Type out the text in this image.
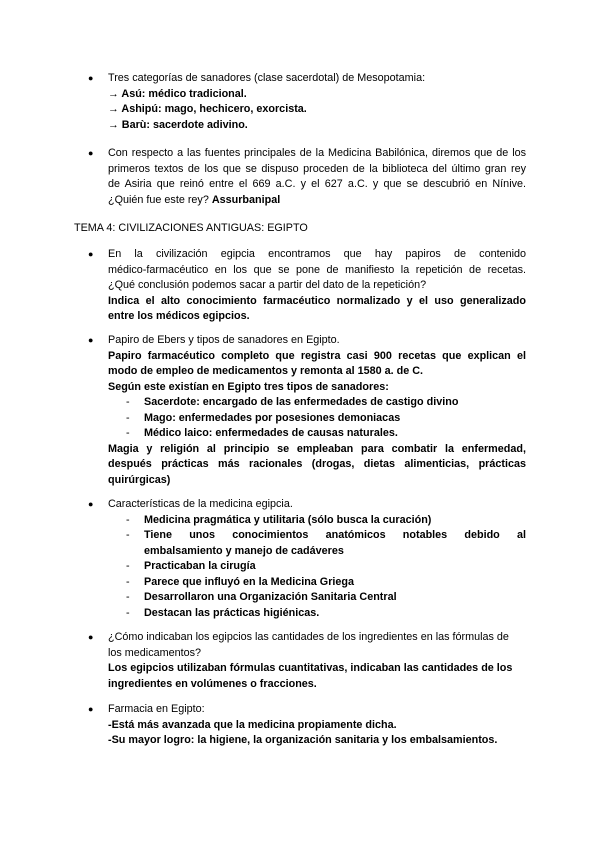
● Tres categorías de sanadores (clase sacerdotal) de Mesopotamia:
→ Asú: médico tradicional.
→ Ashipú: mago, hechicero, exorcista.
→ Barù: sacerdote adivino.
● Con respecto a las fuentes principales de la Medicina Babilónica, diremos que de los
primeros textos de los que se dispuso proceden de la biblioteca del último gran rey
de Asiria que reinó entre el 669 a.C. y el 627 a.C. y que se descubrió en Nínive.
¿Quién fue este rey? Assurbanipal
TEMA 4: CIVILIZACIONES ANTIGUAS: EGIPTO
● En la civilización egipcia encontramos que hay papiros de contenido
médico-farmacéutico en los que se pone de manifiesto la repetición de recetas.
¿Qué conclusión podemos sacar a partir del dato de la repetición?
Indica el alto conocimiento farmacéutico normalizado y el uso generalizado
entre los médicos egipcios.
● Papiro de Ebers y tipos de sanadores en Egipto.
Papiro farmacéutico completo que registra casi 900 recetas que explican el
modo de empleo de medicamentos y remonta al 1580 a. de C.
Según este existían en Egipto tres tipos de sanadores:
- Sacerdote: encargado de las enfermedades de castigo divino
- Mago: enfermedades por posesiones demoniacas
- Médico laico: enfermedades de causas naturales.
Magia y religión al principio se empleaban para combatir la enfermedad,
después prácticas más racionales (drogas, dietas alimenticias, prácticas
quirúrgicas)
● Características de la medicina egipcia.
- Medicina pragmática y utilitaria (sólo busca la curación)
- Tiene unos conocimientos anatómicos notables debido al
embalsamiento y manejo de cadáveres
- Practicaban la cirugía
- Parece que influyó en la Medicina Griega
- Desarrollaron una Organización Sanitaria Central
- Destacan las prácticas higiénicas.
● ¿Cómo indicaban los egipcios las cantidades de los ingredientes en las fórmulas de
los medicamentos?
Los egipcios utilizaban fórmulas cuantitativas, indicaban las cantidades de los
ingredientes en volúmenes o fracciones.
● Farmacia en Egipto:
-Está más avanzada que la medicina propiamente dicha.
-Su mayor logro: la higiene, la organización sanitaria y los embalsamientos.
